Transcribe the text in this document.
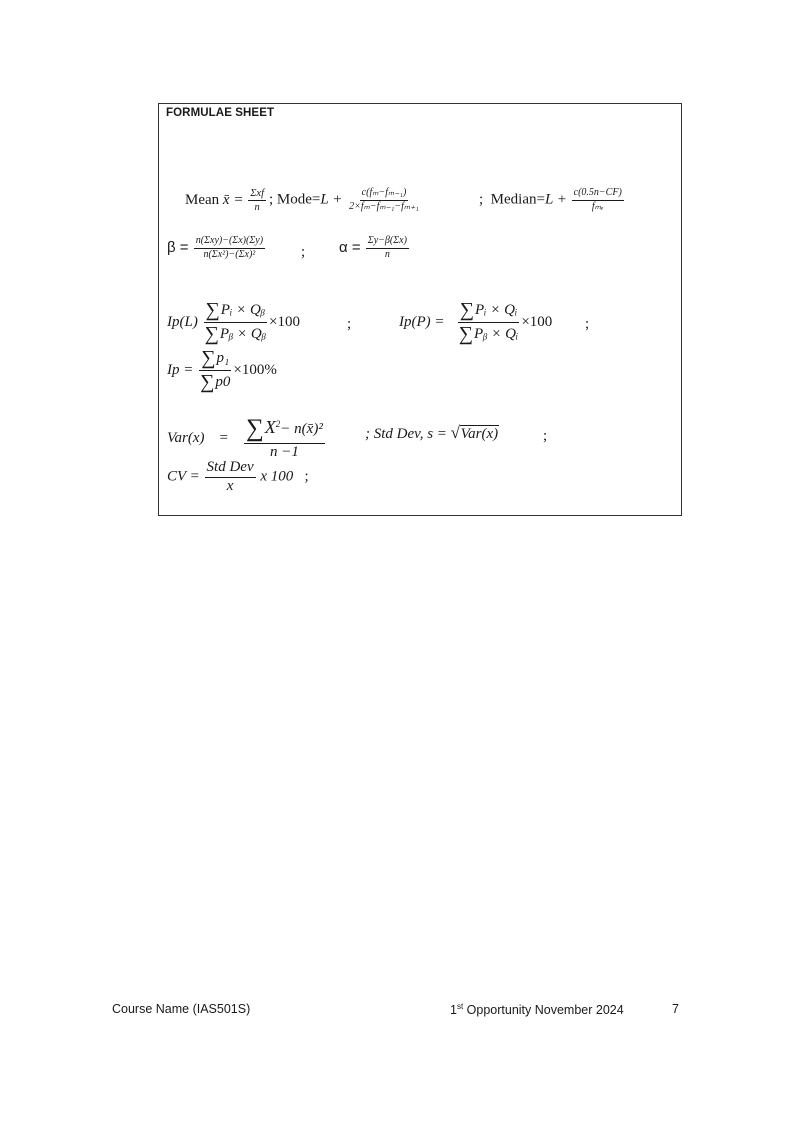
FORMULAE SHEET
Mean x̄ = $\frac{\text{Σxf}}{n}$ ; Mode=L + $\frac{\text{c(fₘ−fₘ₋₁)}}{\text{2×fₘ−fₘ₋₁−fₘ₊₁}}$	; Median=L + $\frac{c(0.5n-CF)}{\text{fₘₑ}}$
$\beta = \frac{\text{n(Σxy)−(Σx)(Σy)}}{\text{n(Σx²)−(Σx)²}}$ ; $\alpha = \frac{\Sigma y-\beta(\Sigma x)}{n}$
$Ip(L) \frac{\text{∑Pᵢ × Qᵦ}}{\text{∑Pᵦ × Qᵦ}} \times 100$	;	$Ip(P) = \frac{\text{∑Pᵢ × Qᵢ}}{\text{∑Pᵦ × Qᵢ}} \times 100$ ;
$Ip = \frac{\text{∑p₁}}{\sum p0} \times 100\%$
$Var(x) = \frac{\sum X^2- n(x̄)^2}{n -1}$	; Std Dev, s = √ Var(x)	;
CV = $\frac{\text{Std Dev}}{x}$ x 100 ;
Course Name (IAS501S)	1st Opportunity November 2024	7
